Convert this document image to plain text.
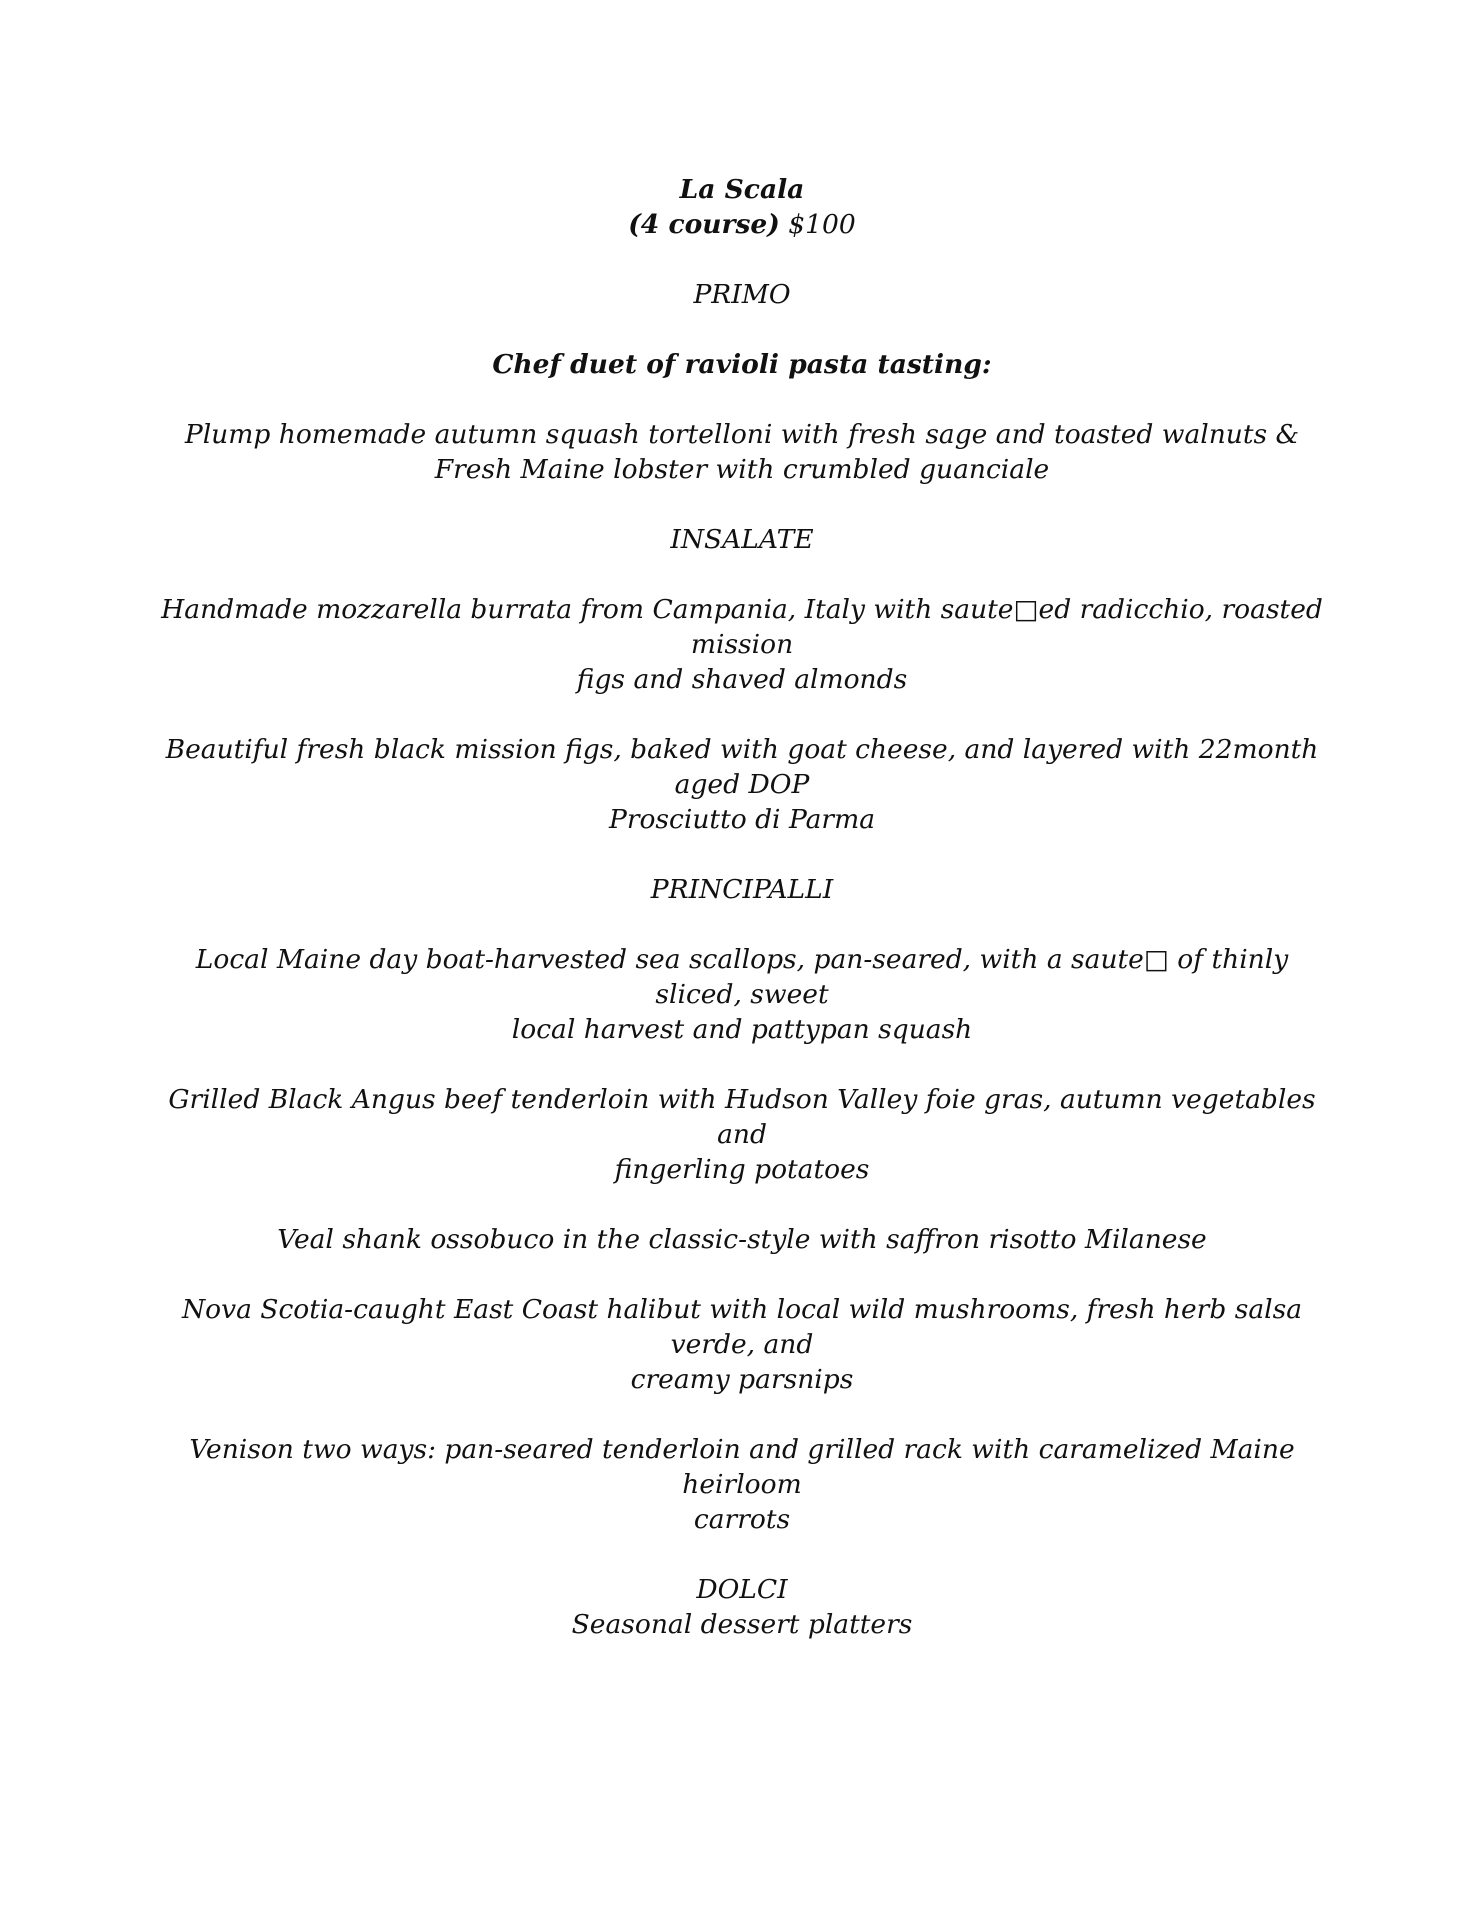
La Scala

(4 course) $100

PRIMO

Chef duet of ravioli pasta tasting:

Plump homemade autumn squash tortelloni with fresh sage and toasted walnuts &

Fresh Maine lobster with crumbled guanciale

INSALATE

Handmade mozzarella burrata from Campania, Italy with saute□ed radicchio, roasted mission

figs and shaved almonds

Beautiful fresh black mission figs, baked with goat cheese, and layered with 22month aged DOP

Prosciutto di Parma

PRINCIPALLI

Local Maine day boat-harvested sea scallops, pan-seared, with a saute□ of thinly sliced, sweet

local harvest and pattypan squash

Grilled Black Angus beef tenderloin with Hudson Valley foie gras, autumn vegetables and

fingerling potatoes

Veal shank ossobuco in the classic-style with saffron risotto Milanese

Nova Scotia-caught East Coast halibut with local wild mushrooms, fresh herb salsa verde, and

creamy parsnips

Venison two ways: pan-seared tenderloin and grilled rack with caramelized Maine heirloom

carrots

DOLCI

Seasonal dessert platters
